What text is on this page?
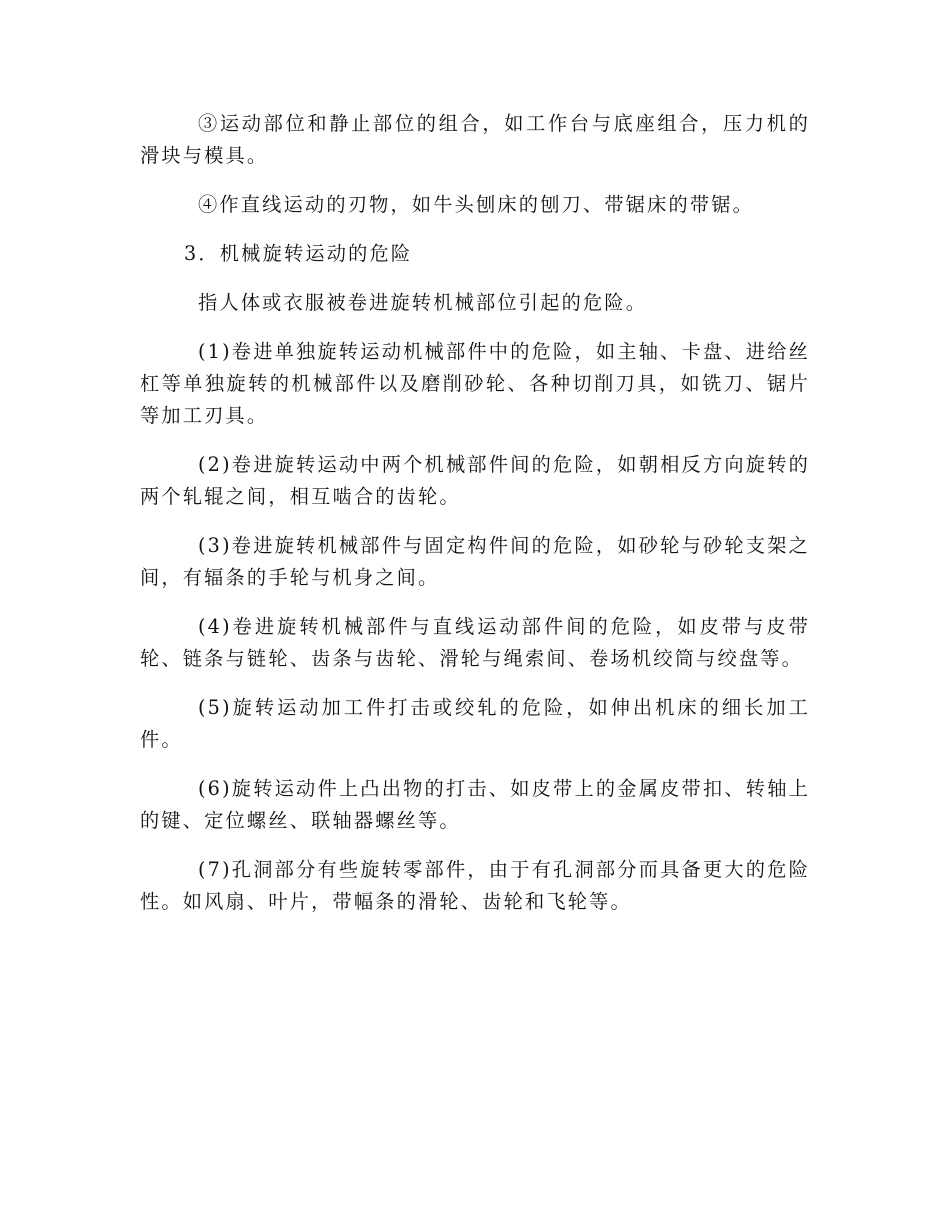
③运动部位和静止部位的组合，如工作台与底座组合，压力机的滑块与模具。

④作直线运动的刃物，如牛头刨床的刨刀、带锯床的带锯。

3．机械旋转运动的危险

指人体或衣服被卷进旋转机械部位引起的危险。

(1)卷进单独旋转运动机械部件中的危险，如主轴、卡盘、进给丝杠等单独旋转的机械部件以及磨削砂轮、各种切削刀具，如铣刀、锯片等加工刃具。

(2)卷进旋转运动中两个机械部件间的危险，如朝相反方向旋转的两个轧辊之间，相互啮合的齿轮。

(3)卷进旋转机械部件与固定构件间的危险，如砂轮与砂轮支架之间，有辐条的手轮与机身之间。

(4)卷进旋转机械部件与直线运动部件间的危险，如皮带与皮带轮、链条与链轮、齿条与齿轮、滑轮与绳索间、卷场机绞筒与绞盘等。

(5)旋转运动加工件打击或绞轧的危险，如伸出机床的细长加工件。

(6)旋转运动件上凸出物的打击、如皮带上的金属皮带扣、转轴上的键、定位螺丝、联轴器螺丝等。

(7)孔洞部分有些旋转零部件，由于有孔洞部分而具备更大的危险性。如风扇、叶片，带幅条的滑轮、齿轮和飞轮等。
